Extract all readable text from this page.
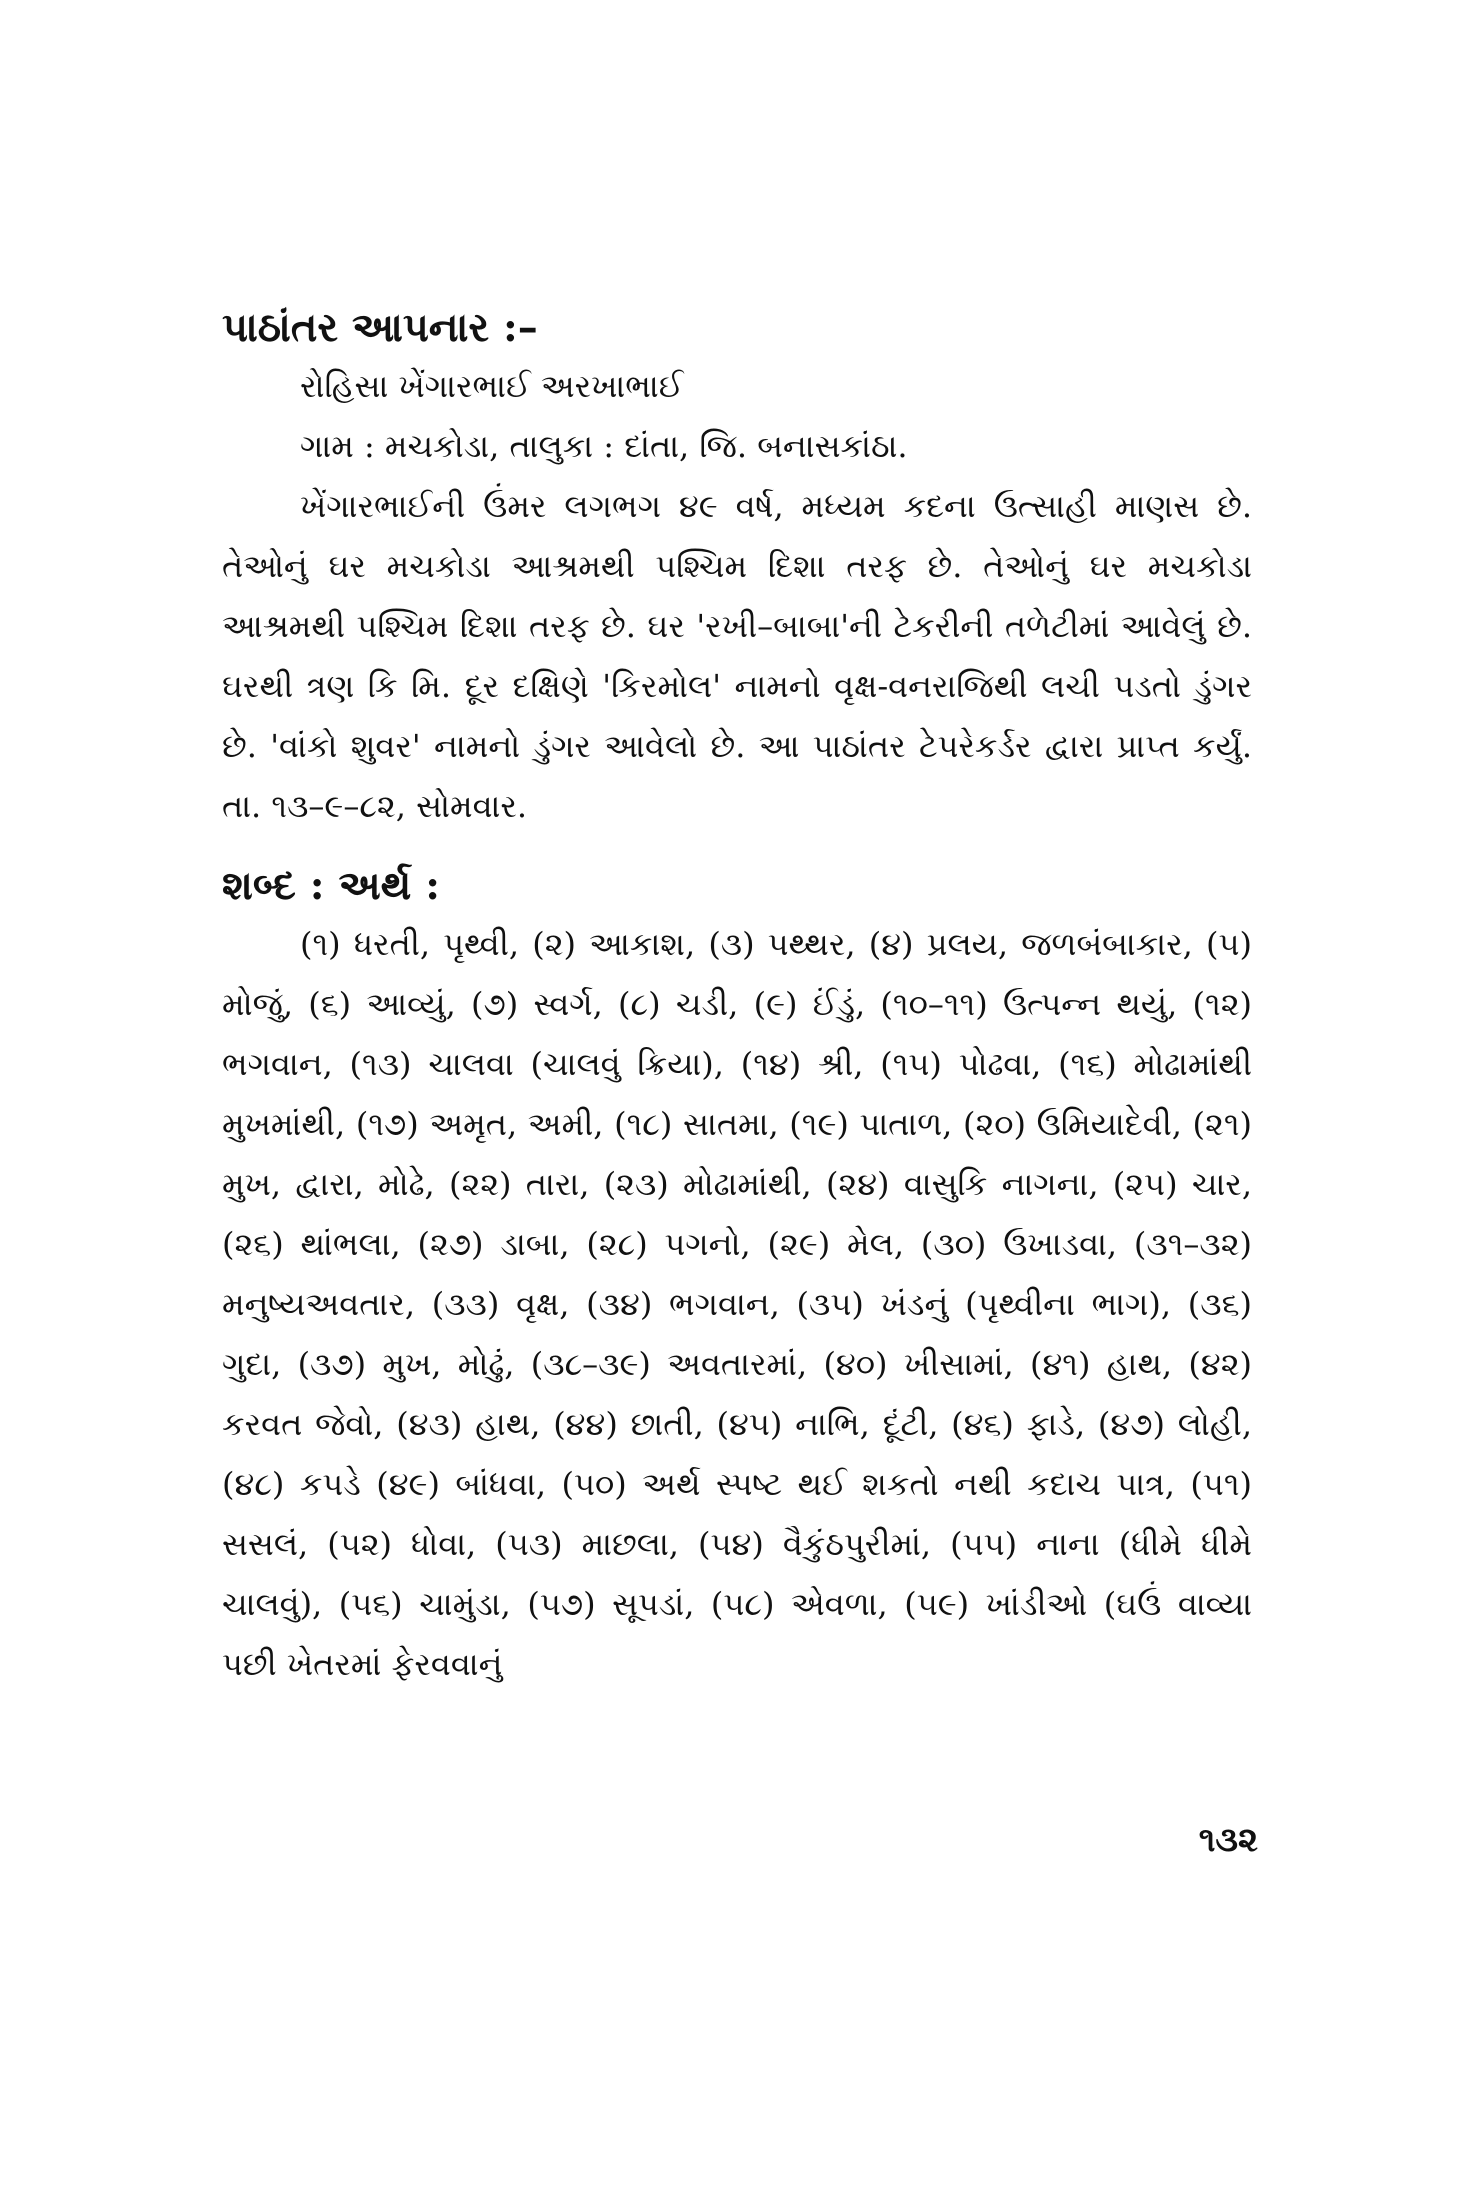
પાઠાંતર આપનાર :–

રોહિસા ખેંગારભાઈ અરખાભાઈ

ગામ : મચકોડા, તાલુકા : દાંતા, જિ. બનાસકાંઠા.

ખેંગારભાઈની ઉંમર લગભગ ૪૯ વર્ષ, મધ્યમ કદના ઉત્સાહી માણસ છે. તેઓનું ઘર મચકોડા આશ્રમથી પશ્ચિમ દિશા તરફ છે. તેઓનું ઘર મચકોડા આશ્રમથી પશ્ચિમ દિશા તરફ છે. ઘર 'રખી–બાબા'ની ટેકરીની તળેટીમાં આવેલું છે. ઘરથી ત્રણ કિ મિ. દૂર દક્ષિણે 'કિરમોલ' નામનો વૃક્ષ-વનરાજિથી લચી પડતો ડુંગર છે. 'વાંકો શુવર' નામનો ડુંગર આવેલો છે. આ પાઠાંતર ટેપરેકર્ડર દ્વારા પ્રાપ્ત કર્યું. તા. ૧૩–૯–૮૨, સોમવાર.

શબ્દ : અર્થ :

(૧) ધરતી, પૃથ્વી, (૨) આકાશ, (૩) પથ્થર, (૪) પ્રલય, જળબંબાકાર, (૫) મોજું, (૬) આવ્યું, (૭) સ્વર્ગ, (૮) ચડી, (૯) ઈંડું, (૧૦–૧૧) ઉત્પન્ન થયું, (૧૨) ભગવાન, (૧૩) ચાલવા (ચાલવું ક્રિયા), (૧૪) શ્રી, (૧૫) પોઢવા, (૧૬) મોઢામાંથી મુખમાંથી, (૧૭) અમૃત, અમી, (૧૮) સાતમા, (૧૯) પાતાળ, (૨૦) ઉમિયાદેવી, (૨૧) મુખ, દ્વારા, મોઢે, (૨૨) તારા, (૨૩) મોઢામાંથી, (૨૪) વાસુકિ નાગના, (૨૫) ચાર, (૨૬) થાંભલા, (૨૭) ડાબા, (૨૮) પગનો, (૨૯) મેલ, (૩૦) ઉખાડવા, (૩૧–૩૨) મનુષ્યઅવતાર, (૩૩) વૃક્ષ, (૩૪) ભગવાન, (૩૫) ખંડનું (પૃથ્વીના ભાગ), (૩૬) ગુદા, (૩૭) મુખ, મોઢું, (૩૮–૩૯) અવતારમાં, (૪૦) ખીસામાં, (૪૧) હાથ, (૪૨) કરવત જેવો, (૪૩) હાથ, (૪૪) છાતી, (૪૫) નાભિ, દૂંટી, (૪૬) ફાડે, (૪૭) લોહી, (૪૮) કપડે (૪૯) બાંધવા, (૫૦) અર્થ સ્પષ્ટ થઈ શકતો નથી કદાચ પાત્ર, (૫૧) સસલં, (૫૨) ધોવા, (૫૩) માછલા, (૫૪) વૈકુંઠપુરીમાં, (૫૫) નાના (ધીમે ધીમે ચાલવું), (૫૬) ચામુંડા, (૫૭) સૂપડાં, (૫૮) એવળા, (૫૯) ખાંડીઓ (ઘઉં વાવ્યા પછી ખેતરમાં ફેરવવાનું

૧૩૨
